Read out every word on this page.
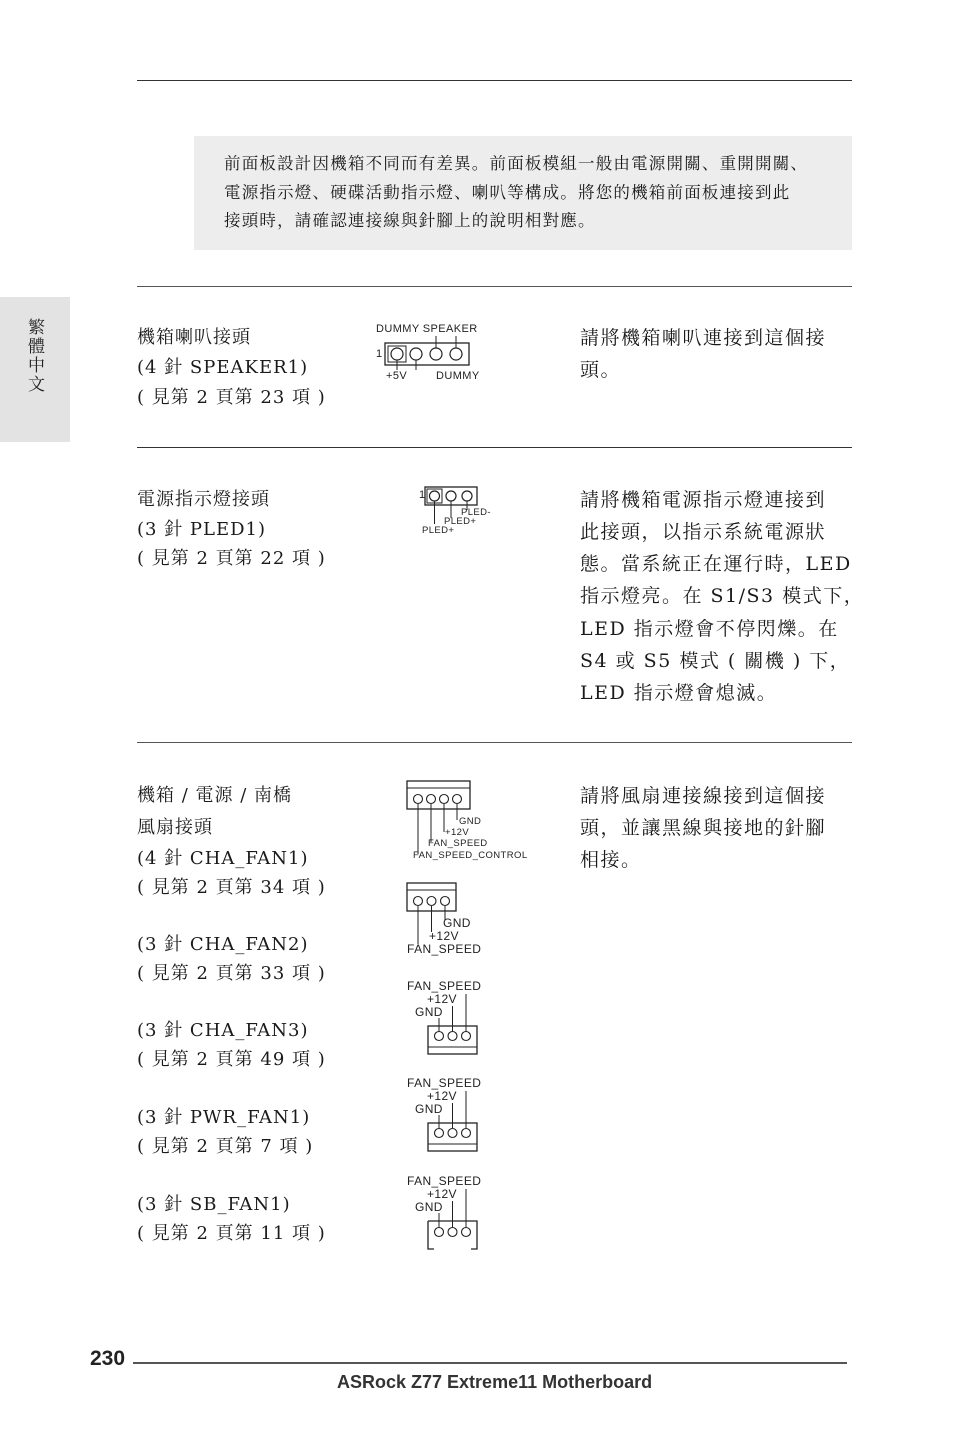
繁體中文
前面板設計因機箱不同而有差異。前面板模組一般由電源開關、重開開關、
電源指示燈、硬碟活動指示燈、喇叭等構成。將您的機箱前面板連接到此
接頭時，請確認連接線與針腳上的說明相對應。
機箱喇叭接頭
(4 針 SPEAKER1)
( 見第 2 頁第 23 項 )
DUMMY SPEAKER
1
+5V	DUMMY
請將機箱喇叭連接到這個接
頭。
電源指示燈接頭
(3 針 PLED1)
( 見第 2 頁第 22 項 )
1
PLED-
PLED+
PLED+
請將機箱電源指示燈連接到
此接頭，以指示系統電源狀
態。當系統正在運行時，LED
指示燈亮。在 S1/S3 模式下，
LED 指示燈會不停閃爍。在
S4 或 S5 模式 ( 關機 ) 下，
LED 指示燈會熄滅。
機箱 / 電源 / 南橋
風扇接頭
(4 針 CHA_FAN1)
( 見第 2 頁第 34 項 )
(3 針 CHA_FAN2)
( 見第 2 頁第 33 項 )
(3 針 CHA_FAN3)
( 見第 2 頁第 49 項 )
(3 針 PWR_FAN1)
( 見第 2 頁第 7 項 )
(3 針 SB_FAN1)
( 見第 2 頁第 11 項 )
GND
+12V
FAN_SPEED
FAN_SPEED_CONTROL
GND
+12V
FAN_SPEED
FAN_SPEED
+12V
GND
FAN_SPEED
+12V
GND
FAN_SPEED
+12V
GND
請將風扇連接線接到這個接
頭，並讓黑線與接地的針腳
相接。
230
ASRock Z77 Extreme11 Motherboard
